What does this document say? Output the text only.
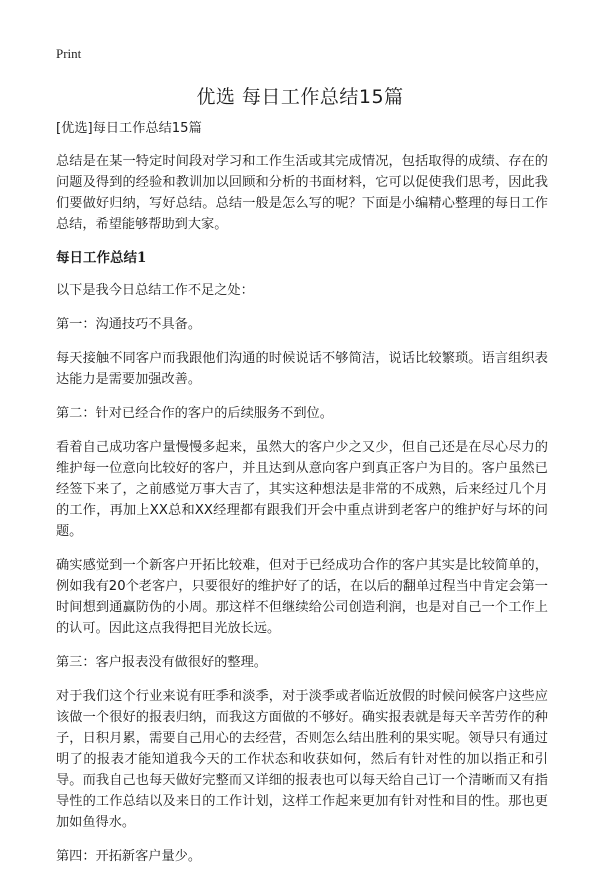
Print
优选 每日工作总结15篇

[优选]每日工作总结15篇

总结是在某一特定时间段对学习和工作生活或其完成情况，包括取得的成绩、存在的问题及得到的经验和教训加以回顾和分析的书面材料，它可以促使我们思考，因此我们要做好归纳，写好总结。总结一般是怎么写的呢？下面是小编精心整理的每日工作总结，希望能够帮助到大家。

每日工作总结1

以下是我今日总结工作不足之处：

第一：沟通技巧不具备。

每天接触不同客户而我跟他们沟通的时候说话不够简洁，说话比较繁琐。语言组织表达能力是需要加强改善。

第二：针对已经合作的客户的后续服务不到位。

看着自己成功客户量慢慢多起来，虽然大的客户少之又少，但自己还是在尽心尽力的维护每一位意向比较好的客户，并且达到从意向客户到真正客户为目的。客户虽然已经签下来了，之前感觉万事大吉了，其实这种想法是非常的不成熟，后来经过几个月的工作，再加上XX总和XX经理都有跟我们开会中重点讲到老客户的维护好与坏的问题。

确实感觉到一个新客户开拓比较难，但对于已经成功合作的客户其实是比较简单的，例如我有20个老客户，只要很好的维护好了的话，在以后的翻单过程当中肯定会第一时间想到通赢防伪的小周。那这样不但继续给公司创造利润，也是对自己一个工作上的认可。因此这点我得把目光放长远。

第三：客户报表没有做很好的整理。

对于我们这个行业来说有旺季和淡季，对于淡季或者临近放假的时候问候客户这些应该做一个很好的报表归纳，而我这方面做的不够好。确实报表就是每天辛苦劳作的种子，日积月累，需要自己用心的去经营，否则怎么结出胜利的果实呢。领导只有通过明了的报表才能知道我今天的工作状态和收获如何，然后有针对性的加以指正和引导。而我自己也每天做好完整而又详细的报表也可以每天给自己订一个清晰而又有指导性的工作总结以及来日的工作计划，这样工作起来更加有针对性和目的性。那也更加如鱼得水。

第四：开拓新客户量少。
